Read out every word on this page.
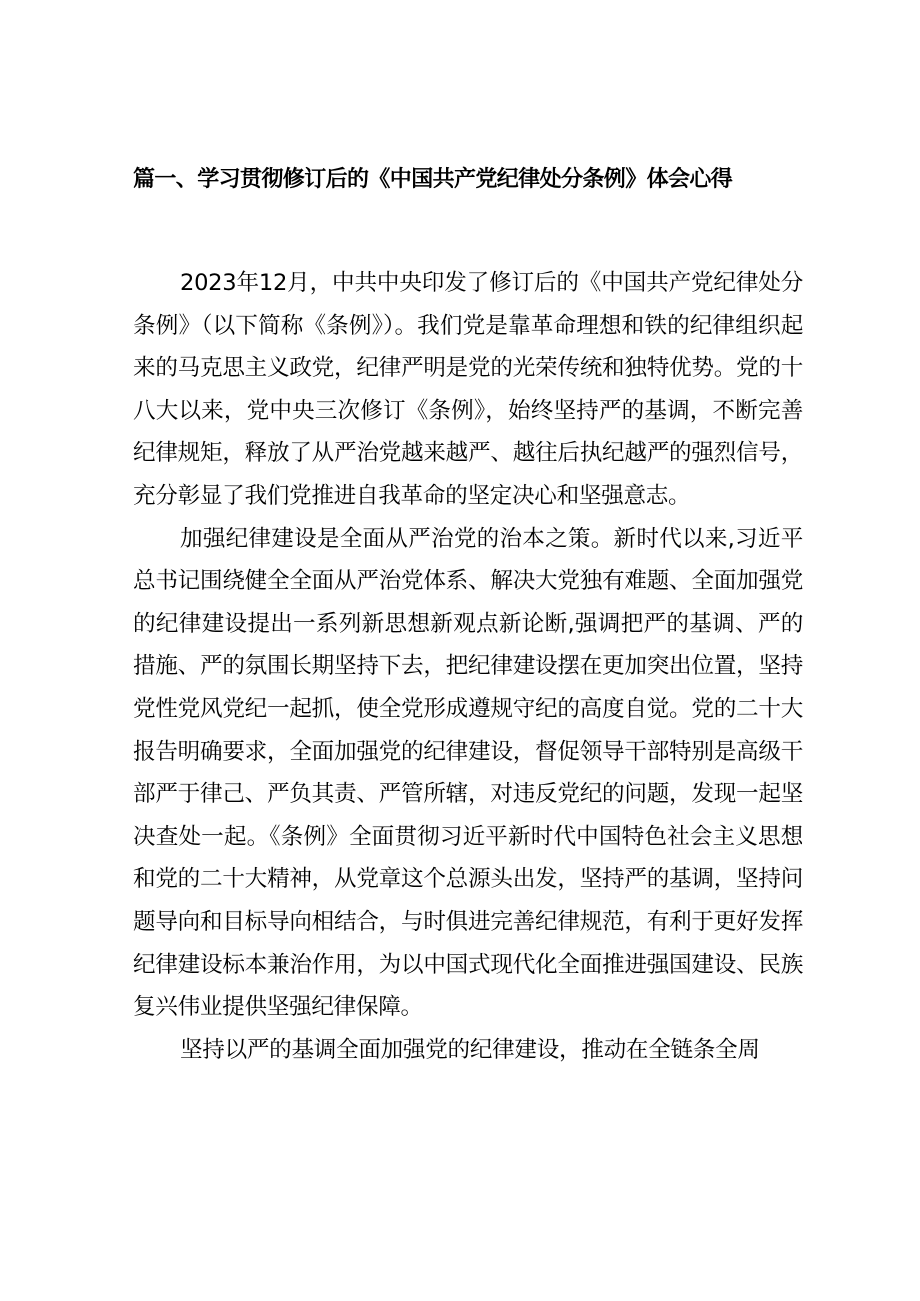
篇一、学习贯彻修订后的《中国共产党纪律处分条例》体会心得

2023年12月，中共中央印发了修订后的《中国共产党纪律处分条例》（以下简称《条例》）。我们党是靠革命理想和铁的纪律组织起来的马克思主义政党，纪律严明是党的光荣传统和独特优势。党的十八大以来，党中央三次修订《条例》，始终坚持严的基调，不断完善纪律规矩，释放了从严治党越来越严、越往后执纪越严的强烈信号，充分彰显了我们党推进自我革命的坚定决心和坚强意志。

加强纪律建设是全面从严治党的治本之策。新时代以来,习近平总书记围绕健全全面从严治党体系、解决大党独有难题、全面加强党的纪律建设提出一系列新思想新观点新论断,强调把严的基调、严的措施、严的氛围长期坚持下去，把纪律建设摆在更加突出位置，坚持党性党风党纪一起抓，使全党形成遵规守纪的高度自觉。党的二十大报告明确要求，全面加强党的纪律建设，督促领导干部特别是高级干部严于律己、严负其责、严管所辖，对违反党纪的问题，发现一起坚决查处一起。《条例》全面贯彻习近平新时代中国特色社会主义思想和党的二十大精神，从党章这个总源头出发，坚持严的基调，坚持问题导向和目标导向相结合，与时俱进完善纪律规范，有利于更好发挥纪律建设标本兼治作用，为以中国式现代化全面推进强国建设、民族复兴伟业提供坚强纪律保障。

坚持以严的基调全面加强党的纪律建设，推动在全链条全周
